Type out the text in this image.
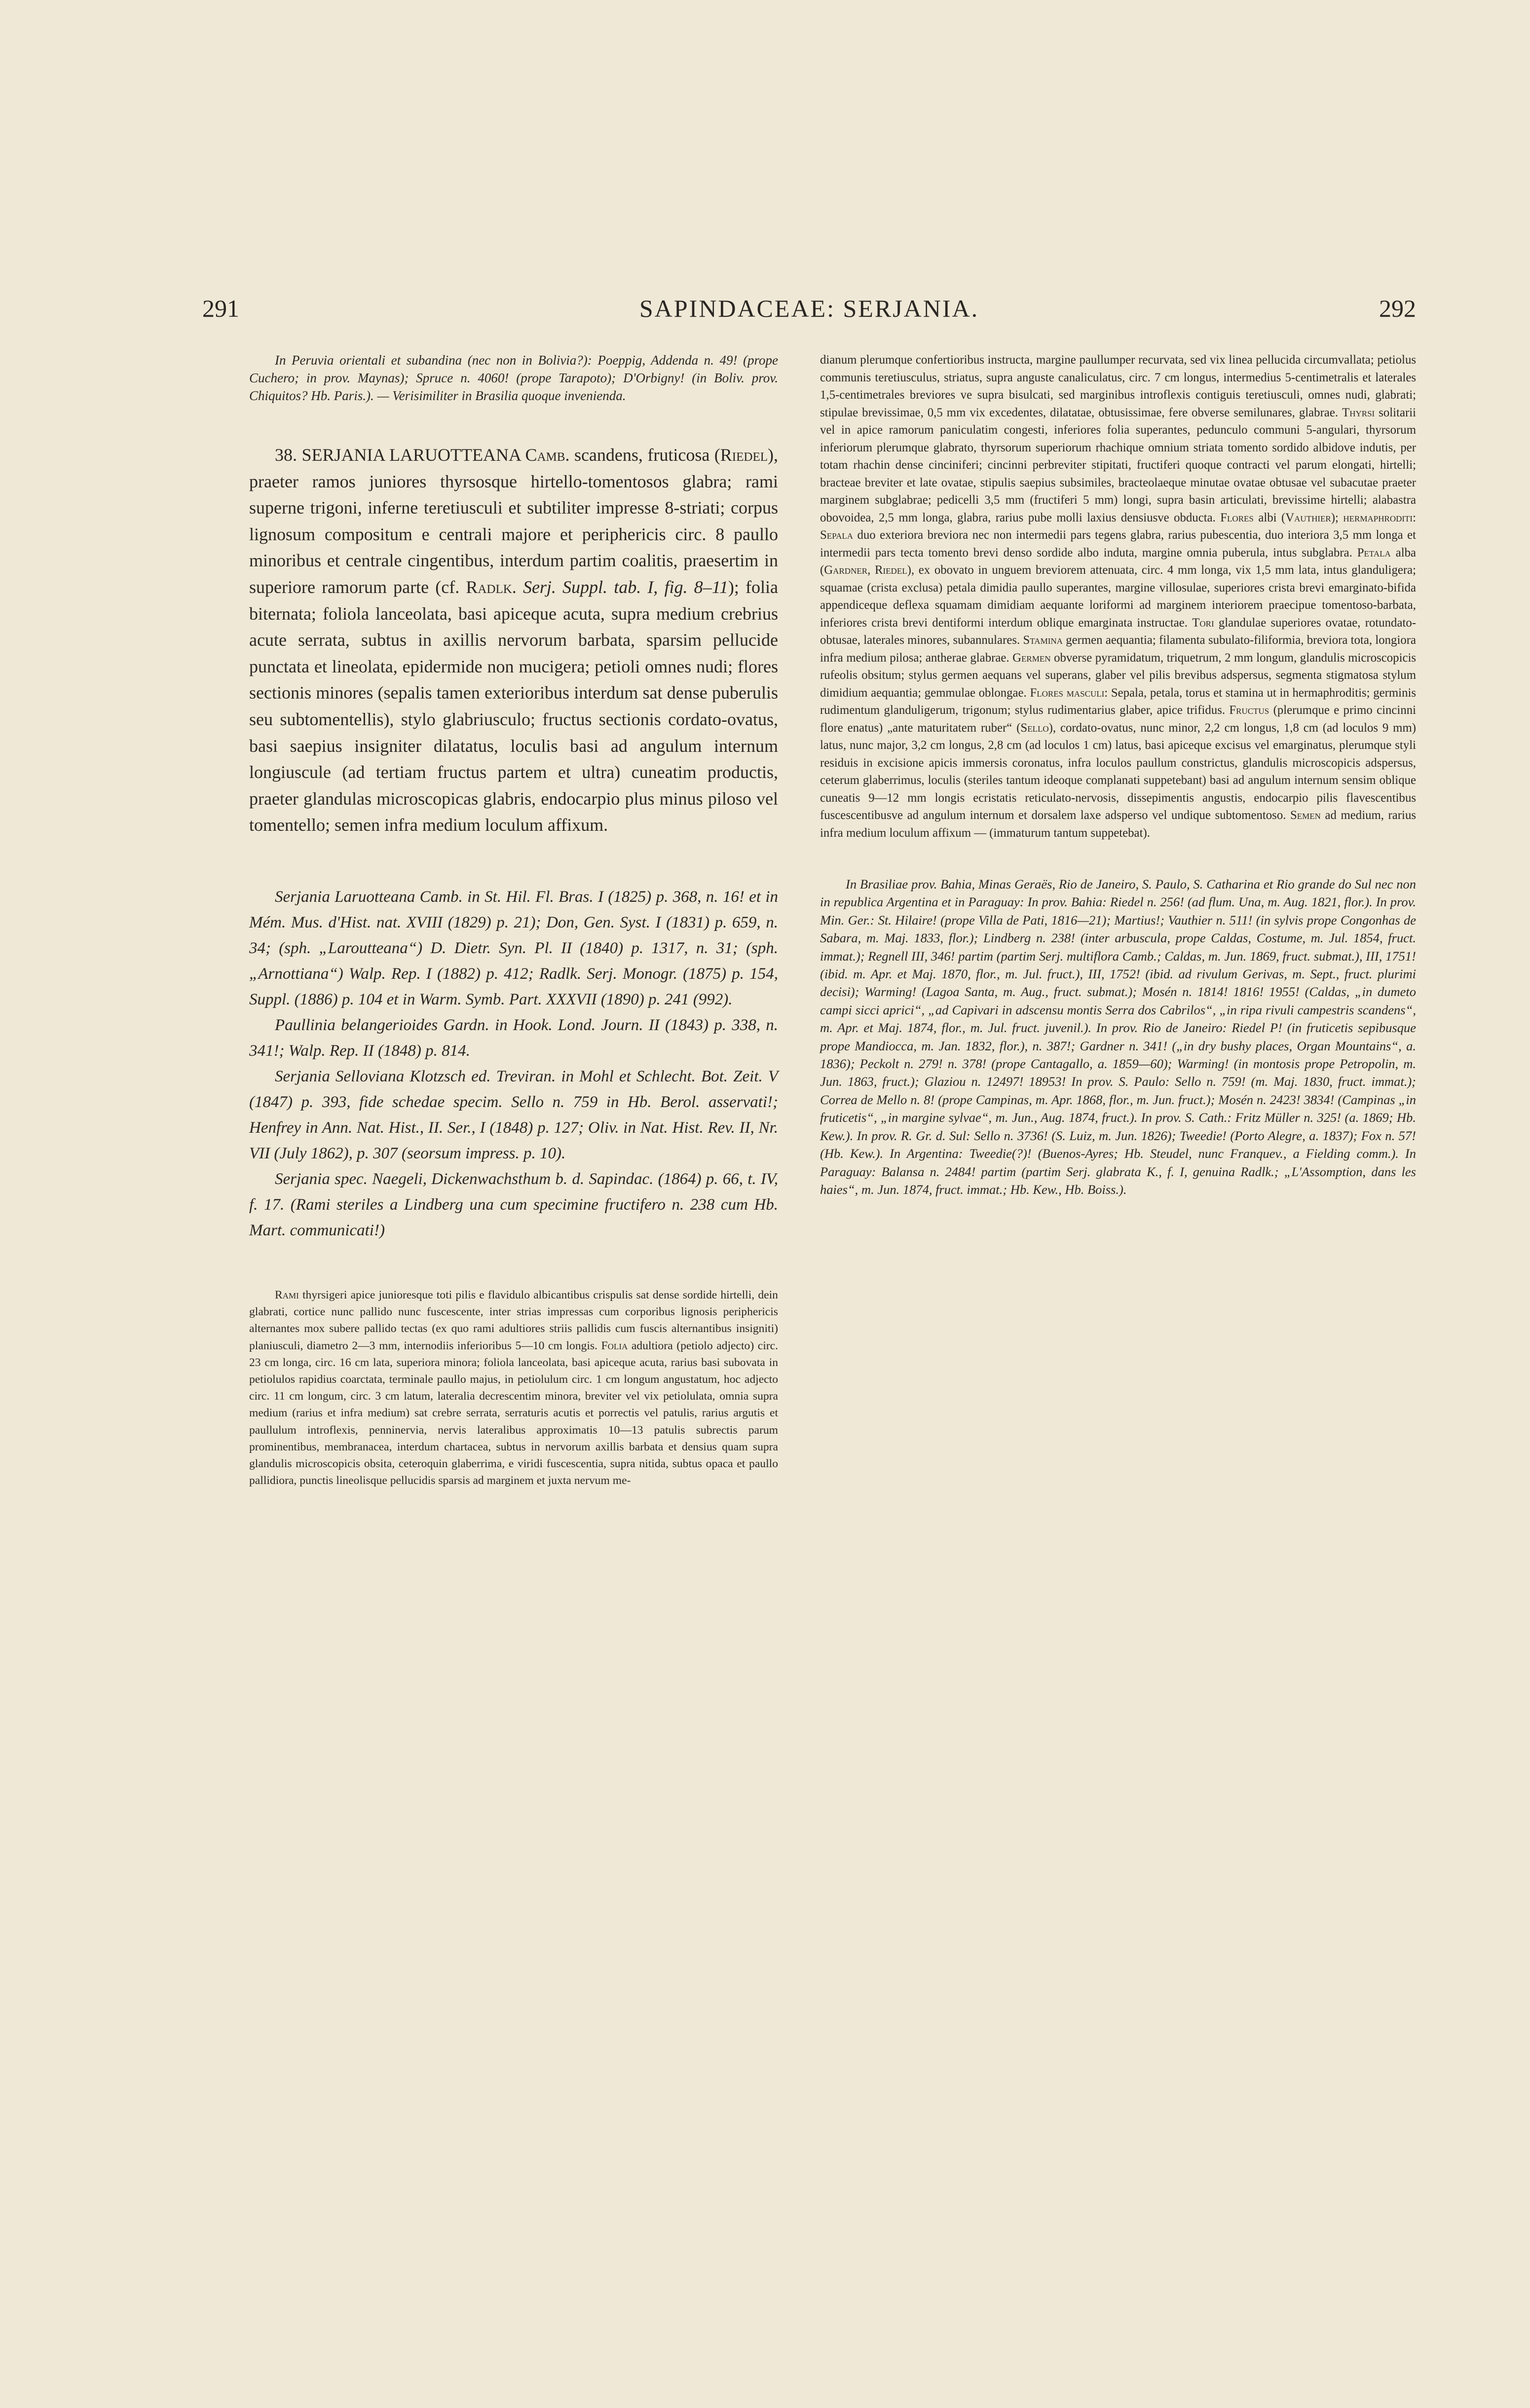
291	SAPINDACEAE: SERJANIA.	292

In Peruvia orientali et subandina (nec non in Bolivia?): Poeppig, Addenda n. 49! (prope Cuchero; in prov. Maynas); Spruce n. 4060! (prope Tarapoto); D'Orbigny! (in Boliv. prov. Chiquitos? Hb. Paris.). — Verisimiliter in Brasilia quoque invenienda.

38. SERJANIA LARUOTTEANA Camb. scandens, fruticosa (Riedel), praeter ramos juniores thyrsosque hirtello-tomentosos glabra; rami superne trigoni, inferne teretiusculi et subtiliter impresse 8-striati; corpus lignosum compositum e centrali majore et periphericis circ. 8 paullo minoribus et centrale cingentibus, interdum partim coalitis, praesertim in superiore ramorum parte (cf. Radlk. Serj. Suppl. tab. I, fig. 8–11); folia biternata; foliola lanceolata, basi apiceque acuta, supra medium crebrius acute serrata, subtus in axillis nervorum barbata, sparsim pellucide punctata et lineolata, epidermide non mucigera; petioli omnes nudi; flores sectionis minores (sepalis tamen exterioribus interdum sat dense puberulis seu subtomentellis), stylo glabriusculo; fructus sectionis cordato-ovatus, basi saepius insigniter dilatatus, loculis basi ad angulum internum longiuscule (ad tertiam fructus partem et ultra) cuneatim productis, praeter glandulas microscopicas glabris, endocarpio plus minus piloso vel tomentello; semen infra medium loculum affixum.

Serjania Laruotteana Camb. in St. Hil. Fl. Bras. I (1825) p. 368, n. 16! et in Mém. Mus. d'Hist. nat. XVIII (1829) p. 21); Don, Gen. Syst. I (1831) p. 659, n. 34; (sph. „Laroutteana“) D. Dietr. Syn. Pl. II (1840) p. 1317, n. 31; (sph. „Arnottiana“) Walp. Rep. I (1882) p. 412; Radlk. Serj. Monogr. (1875) p. 154, Suppl. (1886) p. 104 et in Warm. Symb. Part. XXXVII (1890) p. 241 (992).

Paullinia belangerioides Gardn. in Hook. Lond. Journ. II (1843) p. 338, n. 341!; Walp. Rep. II (1848) p. 814.

Serjania Selloviana Klotzsch ed. Treviran. in Mohl et Schlecht. Bot. Zeit. V (1847) p. 393, fide schedae specim. Sello n. 759 in Hb. Berol. asservati!; Henfrey in Ann. Nat. Hist., II. Ser., I (1848) p. 127; Oliv. in Nat. Hist. Rev. II, Nr. VII (July 1862), p. 307 (seorsum impress. p. 10).

Serjania spec. Naegeli, Dickenwachsthum b. d. Sapindac. (1864) p. 66, t. IV, f. 17. (Rami steriles a Lindberg una cum specimine fructifero n. 238 cum Hb. Mart. communicati!)

Rami thyrsigeri apice junioresque toti pilis e flavidulo albicantibus crispulis sat dense sordide hirtelli, dein glabrati, cortice nunc pallido nunc fuscescente, inter strias impressas cum corporibus lignosis periphericis alternantes mox subere pallido tectas (ex quo rami adultiores striis pallidis cum fuscis alternantibus insigniti) planiusculi, diametro 2—3 mm, internodiis inferioribus 5—10 cm longis. Folia adultiora (petiolo adjecto) circ. 23 cm longa, circ. 16 cm lata, superiora minora; foliola lanceolata, basi apiceque acuta, rarius basi subovata in petiolulos rapidius coarctata, terminale paullo majus, in petiolulum circ. 1 cm longum angustatum, hoc adjecto circ. 11 cm longum, circ. 3 cm latum, lateralia decrescentim minora, breviter vel vix petiolulata, omnia supra medium (rarius et infra medium) sat crebre serrata, serraturis acutis et porrectis vel patulis, rarius argutis et paullulum introflexis, penninervia, nervis lateralibus approximatis 10—13 patulis subrectis parum prominentibus, membranacea, interdum chartacea, subtus in nervorum axillis barbata et densius quam supra glandulis microscopicis obsita, ceteroquin glaberrima, e viridi fuscescentia, supra nitida, subtus opaca et paullo pallidiora, punctis lineolisque pellucidis sparsis ad marginem et juxta nervum me-

dianum plerumque confertioribus instructa, margine paullumper recurvata, sed vix linea pellucida circumvallata; petiolus communis teretiusculus, striatus, supra anguste canaliculatus, circ. 7 cm longus, intermedius 5-centimetralis et laterales 1,5-centimetrales breviores ve supra bisulcati, sed marginibus introflexis contiguis teretiusculi, omnes nudi, glabrati; stipulae brevissimae, 0,5 mm vix excedentes, dilatatae, obtusissimae, fere obverse semilunares, glabrae. Thyrsi solitarii vel in apice ramorum paniculatim congesti, inferiores folia superantes, pedunculo communi 5-angulari, thyrsorum inferiorum plerumque glabrato, thyrsorum superiorum rhachique omnium striata tomento sordido albidove indutis, per totam rhachin dense cinciniferi; cincinni perbreviter stipitati, fructiferi quoque contracti vel parum elongati, hirtelli; bracteae breviter et late ovatae, stipulis saepius subsimiles, bracteolaeque minutae ovatae obtusae vel subacutae praeter marginem subglabrae; pedicelli 3,5 mm (fructiferi 5 mm) longi, supra basin articulati, brevissime hirtelli; alabastra obovoidea, 2,5 mm longa, glabra, rarius pube molli laxius densiusve obducta. Flores albi (Vauthier); hermaphroditi: Sepala duo exteriora breviora nec non intermedii pars tegens glabra, rarius pubescentia, duo interiora 3,5 mm longa et intermedii pars tecta tomento brevi denso sordide albo induta, margine omnia puberula, intus subglabra. Petala alba (Gardner, Riedel), ex obovato in unguem breviorem attenuata, circ. 4 mm longa, vix 1,5 mm lata, intus glanduligera; squamae (crista exclusa) petala dimidia paullo superantes, margine villosulae, superiores crista brevi emarginato-bifida appendiceque deflexa squamam dimidiam aequante loriformi ad marginem interiorem praecipue tomentoso-barbata, inferiores crista brevi dentiformi interdum oblique emarginata instructae. Tori glandulae superiores ovatae, rotundato-obtusae, laterales minores, subannulares. Stamina germen aequantia; filamenta subulato-filiformia, breviora tota, longiora infra medium pilosa; antherae glabrae. Germen obverse pyramidatum, triquetrum, 2 mm longum, glandulis microscopicis rufeolis obsitum; stylus germen aequans vel superans, glaber vel pilis brevibus adspersus, segmenta stigmatosa stylum dimidium aequantia; gemmulae oblongae. Flores masculi: Sepala, petala, torus et stamina ut in hermaphroditis; germinis rudimentum glanduligerum, trigonum; stylus rudimentarius glaber, apice trifidus. Fructus (plerumque e primo cincinni flore enatus) „ante maturitatem ruber“ (Sello), cordato-ovatus, nunc minor, 2,2 cm longus, 1,8 cm (ad loculos 9 mm) latus, nunc major, 3,2 cm longus, 2,8 cm (ad loculos 1 cm) latus, basi apiceque excisus vel emarginatus, plerumque styli residuis in excisione apicis immersis coronatus, infra loculos paullum constrictus, glandulis microscopicis adspersus, ceterum glaberrimus, loculis (steriles tantum ideoque complanati suppetebant) basi ad angulum internum sensim oblique cuneatis 9—12 mm longis ecristatis reticulato-nervosis, dissepimentis angustis, endocarpio pilis flavescentibus fuscescentibusve ad angulum internum et dorsalem laxe adsperso vel undique subtomentoso. Semen ad medium, rarius infra medium loculum affixum — (immaturum tantum suppetebat).

In Brasiliae prov. Bahia, Minas Geraës, Rio de Janeiro, S. Paulo, S. Catharina et Rio grande do Sul nec non in republica Argentina et in Paraguay: In prov. Bahia: Riedel n. 256! (ad flum. Una, m. Aug. 1821, flor.). In prov. Min. Ger.: St. Hilaire! (prope Villa de Pati, 1816—21); Martius!; Vauthier n. 511! (in sylvis prope Congonhas de Sabara, m. Maj. 1833, flor.); Lindberg n. 238! (inter arbuscula, prope Caldas, Costume, m. Jul. 1854, fruct. immat.); Regnell III, 346! partim (partim Serj. multiflora Camb.; Caldas, m. Jun. 1869, fruct. submat.), III, 1751! (ibid. m. Apr. et Maj. 1870, flor., m. Jul. fruct.), III, 1752! (ibid. ad rivulum Gerivas, m. Sept., fruct. plurimi decisi); Warming! (Lagoa Santa, m. Aug., fruct. submat.); Mosén n. 1814! 1816! 1955! (Caldas, „in dumeto campi sicci aprici“, „ad Capivari in adscensu montis Serra dos Cabrilos“, „in ripa rivuli campestris scandens“, m. Apr. et Maj. 1874, flor., m. Jul. fruct. juvenil.). In prov. Rio de Janeiro: Riedel P! (in fruticetis sepibusque prope Mandiocca, m. Jan. 1832, flor.), n. 387!; Gardner n. 341! („in dry bushy places, Organ Mountains“, a. 1836); Peckolt n. 279! n. 378! (prope Cantagallo, a. 1859—60); Warming! (in montosis prope Petropolin, m. Jun. 1863, fruct.); Glaziou n. 12497! 18953! In prov. S. Paulo: Sello n. 759! (m. Maj. 1830, fruct. immat.); Correa de Mello n. 8! (prope Campinas, m. Apr. 1868, flor., m. Jun. fruct.); Mosén n. 2423! 3834! (Campinas „in fruticetis“, „in margine sylvae“, m. Jun., Aug. 1874, fruct.). In prov. S. Cath.: Fritz Müller n. 325! (a. 1869; Hb. Kew.). In prov. R. Gr. d. Sul: Sello n. 3736! (S. Luiz, m. Jun. 1826); Tweedie! (Porto Alegre, a. 1837); Fox n. 57! (Hb. Kew.). In Argentina: Tweedie(?)! (Buenos-Ayres; Hb. Steudel, nunc Franquev., a Fielding comm.). In Paraguay: Balansa n. 2484! partim (partim Serj. glabrata K., f. I, genuina Radlk.; „L'Assomption, dans les haies“, m. Jun. 1874, fruct. immat.; Hb. Kew., Hb. Boiss.).
